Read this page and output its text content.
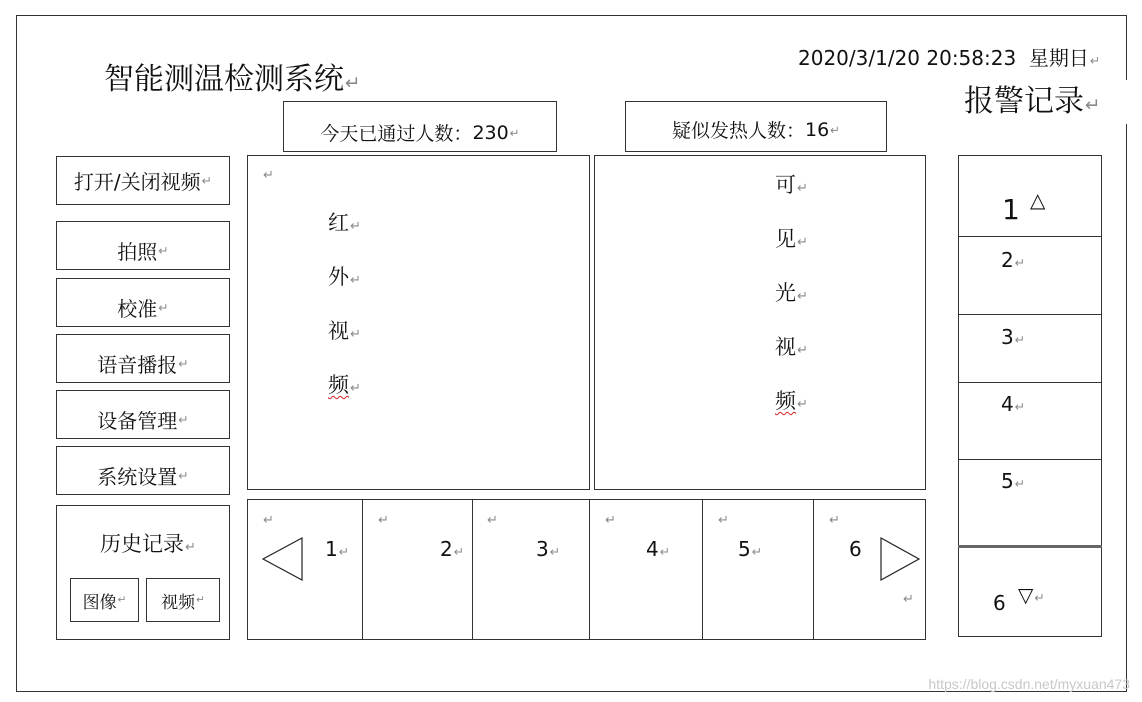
智能测温检测系统↵
2020/3/1/20 20:58:23 星期日↵
报警记录↵
今天已通过人数： 230 ↵	疑似发热人数： 16 ↵
打开/关闭视频 ↵
拍照 ↵
校准 ↵
语音播报 ↵
设备管理 ↵
系统设置 ↵
历史记录↵
图像 ↵ 视频 ↵
↵
红↵
外↵
视↵
频↵
可↵
见↵
光↵
视↵
频↵
↵	↵	↵	↵	↵	↵
1↵	2↵	3↵	4↵	5↵	6
↵
1 △
2↵
3↵
4↵
5↵
6 ▽↵
https://blog.csdn.net/myxuan473
